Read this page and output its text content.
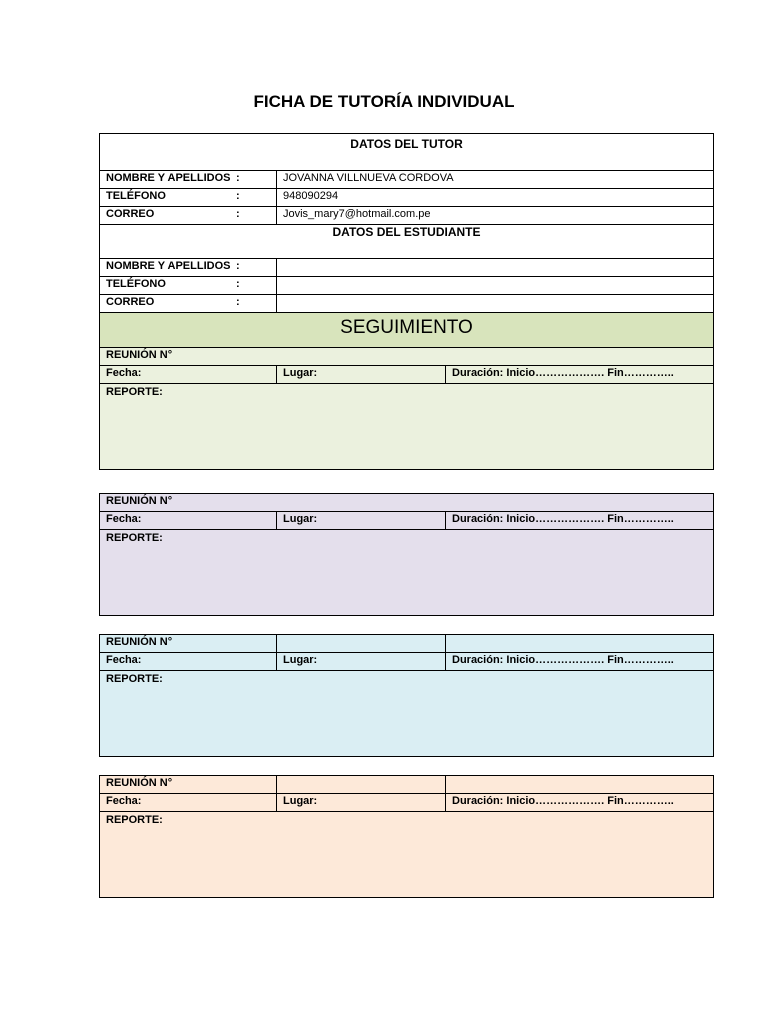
FICHA DE TUTORÍA INDIVIDUAL
DATOS DEL TUTOR		
NOMBRE Y APELLIDOS :	JOVANNA VILLNUEVA CORDOVA	
TELÉFONO :	948090294	
CORREO :	Jovis_mary7@hotmail.com.pe	
DATOS DEL ESTUDIANTE		
NOMBRE Y APELLIDOS :		
TELÉFONO :		
CORREO :		
SEGUIMIENTO		
REUNIÓN N°		
Fecha:	Lugar:	Duración: Inicio………………. Fin…………..
REPORTE:		
REUNIÓN N°
Fecha:	Lugar:	Duración: Inicio………………. Fin…………..
REPORTE:
REUNIÓN N°		
Fecha:	Lugar:	Duración: Inicio………………. Fin…………..
REPORTE:		
REUNIÓN N°		
Fecha:	Lugar:	Duración: Inicio………………. Fin…………..
REPORTE:		
